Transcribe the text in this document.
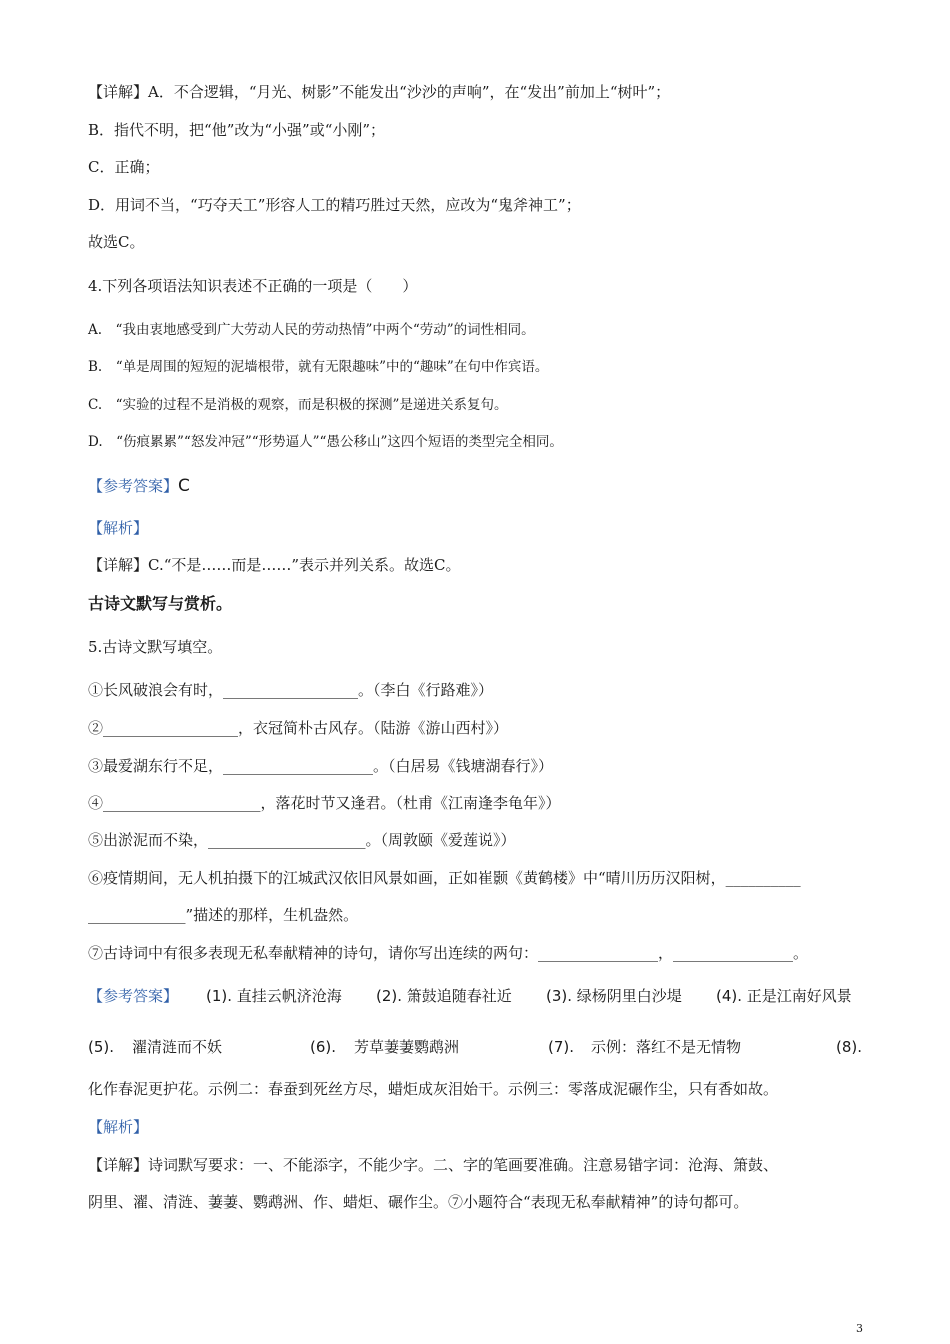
【详解】A．不合逻辑，“月光、树影”不能发出“沙沙的声响”，在“发出”前加上“树叶”；
B．指代不明，把“他”改为“小强”或“小刚”；
C．正确；
D．用词不当，“巧夺天工”形容人工的精巧胜过天然，应改为“鬼斧神工”；
故选C。
4.下列各项语法知识表述不正确的一项是（　　）
A.　“我由衷地感受到广大劳动人民的劳动热情”中两个“劳动”的词性相同。
B.　“单是周围的短短的泥墙根带，就有无限趣味”中的“趣味”在句中作宾语。
C.　“实验的过程不是消极的观察，而是积极的探测”是递进关系复句。
D.　“伤痕累累”“怒发冲冠”“形势逼人”“愚公移山”这四个短语的类型完全相同。
【参考答案】C
【解析】
【详解】C.“不是……而是……”表示并列关系。故选C。
古诗文默写与赏析。
5.古诗文默写填空。
①长风破浪会有时，__________________。（李白《行路难》）
②__________________，衣冠简朴古风存。（陆游《游山西村》）
③最爱湖东行不足，____________________。（白居易《钱塘湖春行》）
④_____________________，落花时节又逢君。（杜甫《江南逢李龟年》）
⑤出淤泥而不染，_____________________。（周敦颐《爱莲说》）
⑥疫情期间，无人机拍摄下的江城武汉依旧风景如画，正如崔颢《黄鹤楼》中“晴川历历汉阳树，__________
_____________”描述的那样，生机盎然。
⑦古诗词中有很多表现无私奉献精神的诗句，请你写出连续的两句：________________，________________。
【参考答案】 (1). 直挂云帆济沧海 (2). 箫鼓追随春社近 (3). 绿杨阴里白沙堤 (4). 正是江南好风景
(5). 濯清涟而不妖	(6). 芳草萋萋鹦鹉洲	(7). 示例：落红不是无情物	(8).
化作春泥更护花。示例二：春蚕到死丝方尽，蜡炬成灰泪始干。示例三：零落成泥碾作尘，只有香如故。
【解析】
【详解】诗词默写要求：一、不能添字，不能少字。二、字的笔画要准确。注意易错字词：沧海、箫鼓、
阴里、濯、清涟、萋萋、鹦鹉洲、作、蜡炬、碾作尘。⑦小题符合“表现无私奉献精神”的诗句都可。
3
